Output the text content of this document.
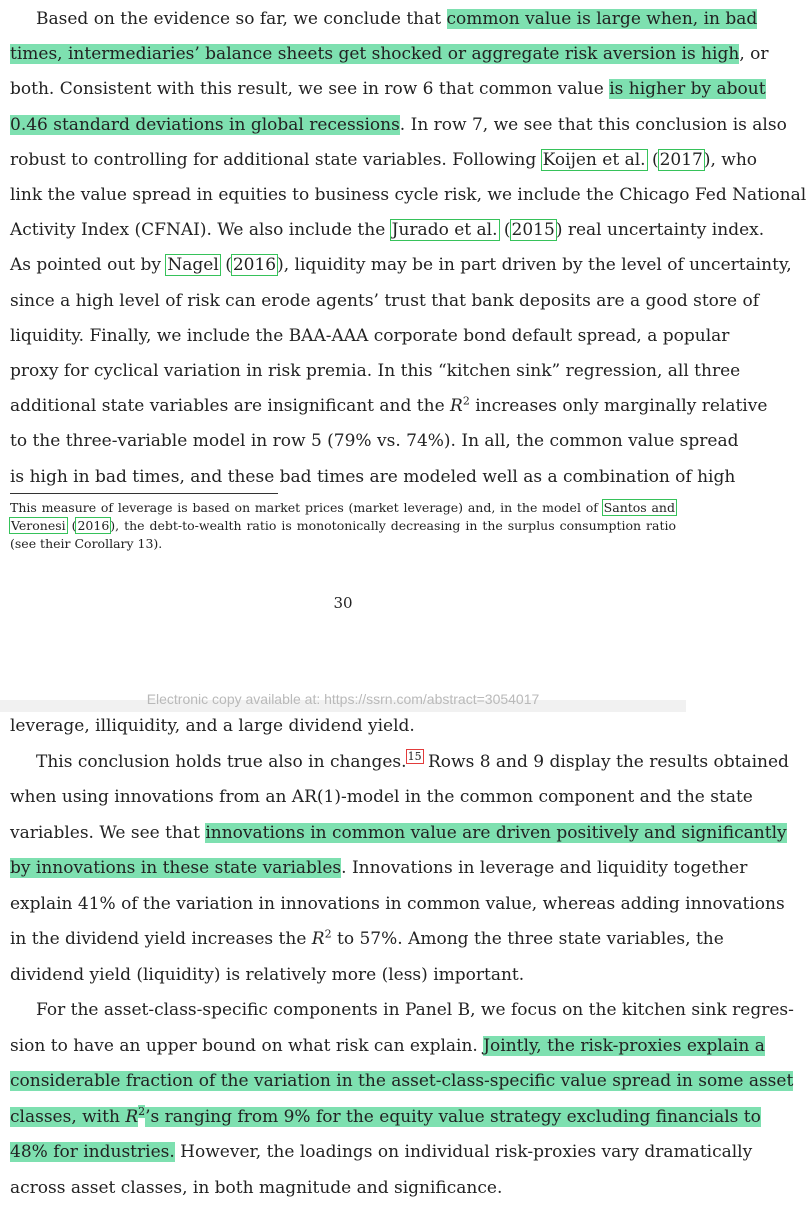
Based on the evidence so far, we conclude that common value is large when, in bad
times, intermediaries’ balance sheets get shocked or aggregate risk aversion is high, or
both. Consistent with this result, we see in row 6 that common value is higher by about
0.46 standard deviations in global recessions. In row 7, we see that this conclusion is also
robust to controlling for additional state variables. Following Koijen et al. (2017), who
link the value spread in equities to business cycle risk, we include the Chicago Fed National
Activity Index (CFNAI). We also include the Jurado et al. (2015) real uncertainty index.
As pointed out by Nagel (2016), liquidity may be in part driven by the level of uncertainty,
since a high level of risk can erode agents’ trust that bank deposits are a good store of
liquidity. Finally, we include the BAA-AAA corporate bond default spread, a popular
proxy for cyclical variation in risk premia. In this “kitchen sink” regression, all three
additional state variables are insignificant and the $R^2$ increases only marginally relative
to the three-variable model in row 5 (79% vs. 74%). In all, the common value spread
is high in bad times, and these bad times are modeled well as a combination of high
This measure of leverage is based on market prices (market leverage) and, in the model of Santos and
Veronesi (2016), the debt-to-wealth ratio is monotonically decreasing in the surplus consumption ratio
(see their Corollary 13).
30
Electronic copy available at: https://ssrn.com/abstract=3054017
leverage, illiquidity, and a large dividend yield.
This conclusion holds true also in changes.$^{15}$ Rows 8 and 9 display the results obtained
when using innovations from an AR(1)-model in the common component and the state
variables. We see that innovations in common value are driven positively and significantly
by innovations in these state variables. Innovations in leverage and liquidity together
explain 41% of the variation in innovations in common value, whereas adding innovations
in the dividend yield increases the $R^2$ to 57%. Among the three state variables, the
dividend yield (liquidity) is relatively more (less) important.
For the asset-class-specific components in Panel B, we focus on the kitchen sink regres-
sion to have an upper bound on what risk can explain. Jointly, the risk-proxies explain a
considerable fraction of the variation in the asset-class-specific value spread in some asset
classes, with $R^2’s$ ranging from 9% for the equity value strategy excluding financials to
48% for industries. However, the loadings on individual risk-proxies vary dramatically
across asset classes, in both magnitude and significance.
